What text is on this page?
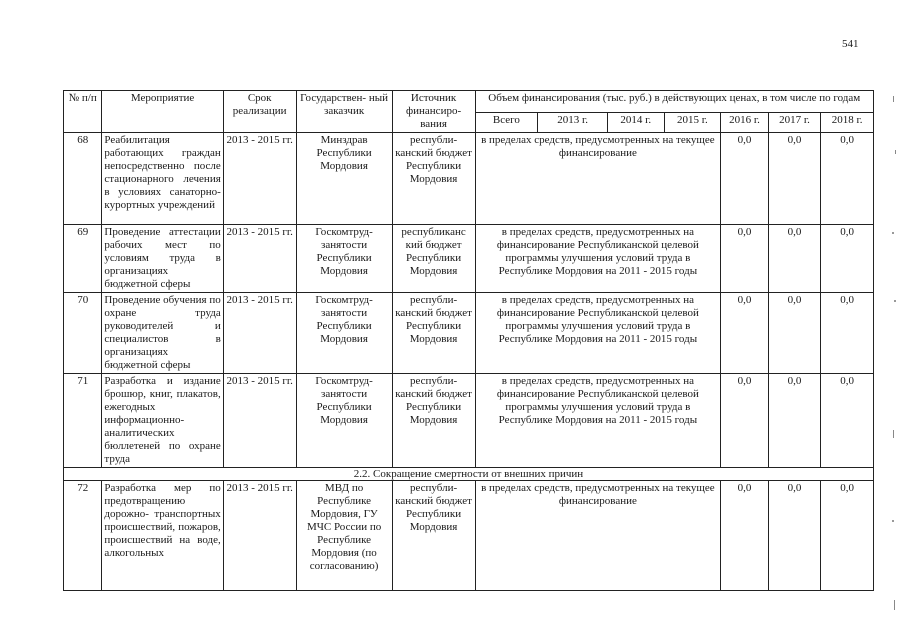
541
№ п/п	Мероприятие	Срок реализации	Государствен- ный заказчик	Источник финансиро- вания	Объем финансирования (тыс. руб.) в действующих ценах, в том числе по годам						
					Всего	2013 г.	2014 г.	2015 г.	2016 г.	2017 г.	2018 г.
68	Реабилитация работающих граждан непосредственно после стационарного лечения в условиях санаторно-курортных учреждений	2013 - 2015 гг.	Минздрав Республики Мордовия	республи- канский бюджет Республики Мордовия	в пределах средств, предусмотренных на текущее финансирование				0,0	0,0	0,0
69	Проведение аттестации рабочих мест по условиям труда в организациях бюджетной сферы	2013 - 2015 гг.	Госкомтруд- занятости Республики Мордовия	республиканс кий бюджет Республики Мордовия	в пределах средств, предусмотренных на финансирование Республиканской целевой программы улучшения условий труда в Республике Мордовия на 2011 - 2015 годы				0,0	0,0	0,0
70	Проведение обучения по охране труда руководителей и специалистов в организациях бюджетной сферы	2013 - 2015 гг.	Госкомтруд- занятости Республики Мордовия	республи- канский бюджет Республики Мордовия	в пределах средств, предусмотренных на финансирование Республиканской целевой программы улучшения условий труда в Республике Мордовия на 2011 - 2015 годы				0,0	0,0	0,0
71	Разработка и издание брошюр, книг, плакатов, ежегодных информационно- аналитических бюллетеней по охране труда	2013 - 2015 гг.	Госкомтруд- занятости Республики Мордовия	республи- канский бюджет Республики Мордовия	в пределах средств, предусмотренных на финансирование Республиканской целевой программы улучшения условий труда в Республике Мордовия на 2011 - 2015 годы				0,0	0,0	0,0
2.2. Сокращение смертности от внешних причин											
72	Разработка мер по предотвращению дорожно- транспортных происшествий, пожаров, происшествий на воде, алкогольных	2013 - 2015 гг.	МВД по Республике Мордовия, ГУ МЧС России по Республике Мордовия (по согласованию)	республи- канский бюджет Республики Мордовия	в пределах средств, предусмотренных на текущее финансирование				0,0	0,0	0,0
